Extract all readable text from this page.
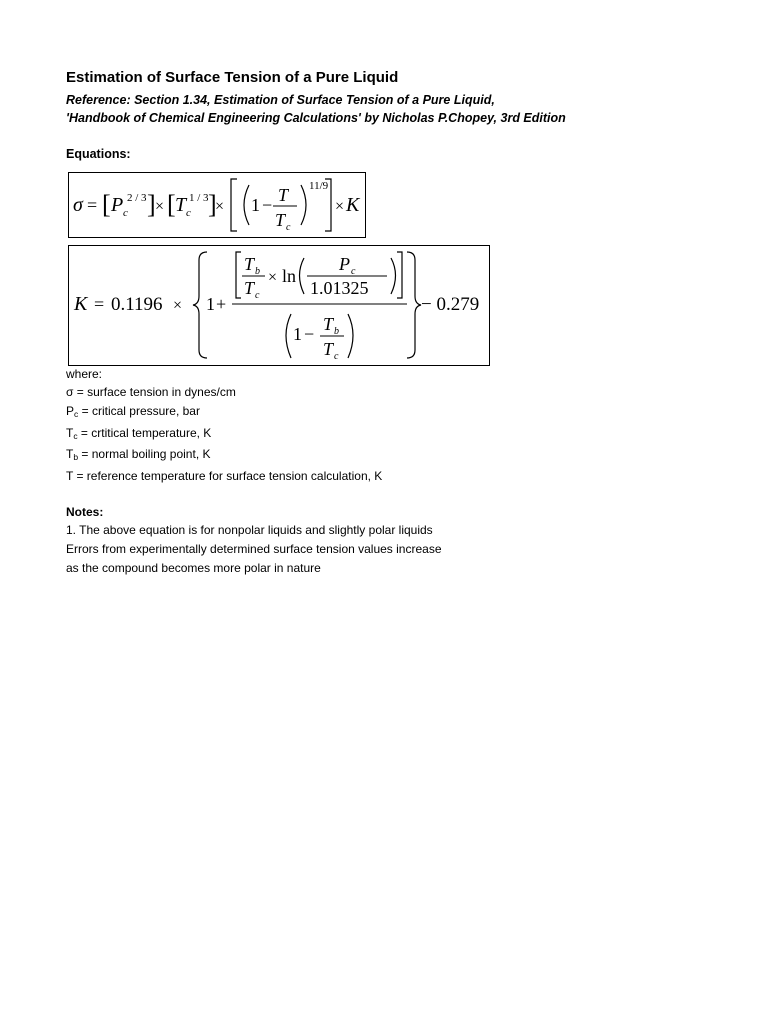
Estimation of Surface Tension of a Pure Liquid
Reference: Section 1.34, Estimation of Surface Tension of a Pure Liquid,
'Handbook of Chemical Engineering Calculations' by Nicholas P.Chopey, 3rd Edition
Equations:
σ = [ P c
2 / 3 ] × [ T c
1 / 3 ]
× 1 − T
T c
11/9
× K
K = 0.1196 × 1 +
T b
T c
× ln
P c
1.01325
1 − T b
T c
− 0.279
where:
σ = surface tension in dynes/cm
$P_c$ = critical pressure, bar
$T_c$ = crtitical temperature, K
$T_b$ = normal boiling point, K
T = reference temperature for surface tension calculation, K
Notes:
1. The above equation is for nonpolar liquids and slightly polar liquids
Errors from experimentally determined surface tension values increase
as the compound becomes more polar in nature
